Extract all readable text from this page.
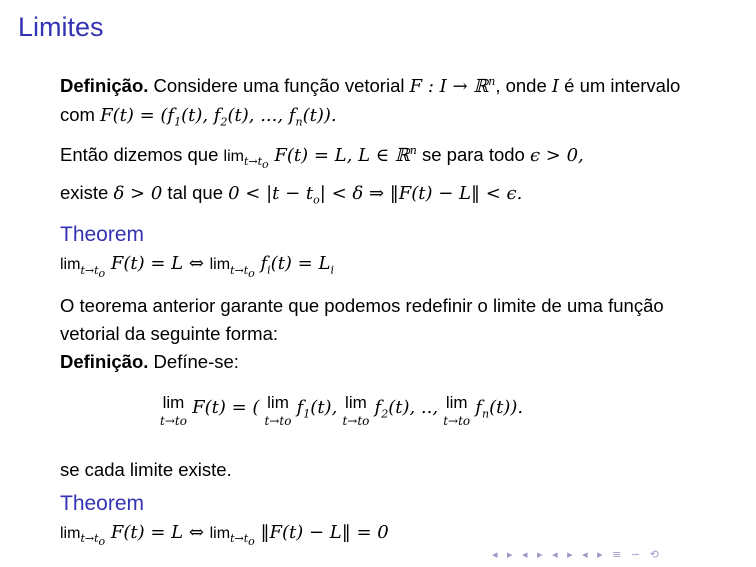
Limites

Definição. Considere uma função vetorial F : I → ℝ$^n$, onde I é um intervalo com $F(t) = (f_1(t)$, $f_2(t)$, ..., $f_n(t)$).

Então dizemos que $\lim_{t\to t_o} F(t) = L$, L ∈ ℝ$^n$ se para todo ϵ > 0,

existe δ > 0 tal que $0 < |t - t_o| < \delta$ ⇒ ‖F(t) − L‖ < ϵ.

Theorem

$\lim_{t\to t_o} F(t) = L$ ⇔ $\lim_{t\to t_o} f_i(t) = L_i$

O teorema anterior garante que podemos redefinir o limite de uma função vetorial da seguinte forma:

Definição. Defíne-se:

lim
t→to
F(t) = ( lim
t→to
$f_1(t)$, lim
t→to
$f_2(t)$, .., lim
t→to
$f_n(t)$).

se cada limite existe.

Theorem

$\lim_{t\to t_o} F(t) = L$ ⇔ $\lim_{t\to t_o}$ ‖F(t) − L‖ = 0

◂ ▸ ◂ ▸ ◂ ▸ ◂ ▸ ≡ ∽ ⟲
